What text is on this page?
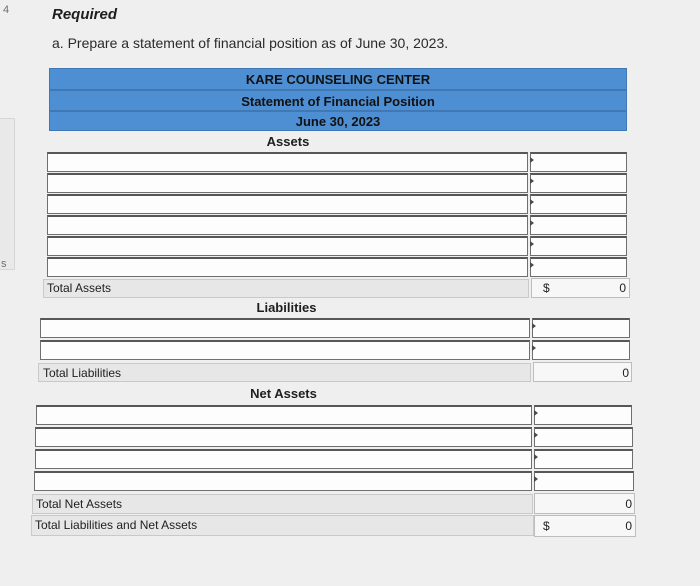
4
s
Required

a. Prepare a statement of financial position as of June 30, 2023.

KARE COUNSELING CENTER
Statement of Financial Position
June 30, 2023
Assets
Total Assets	$	0
Liabilities
Total Liabilities	0
Net Assets
Total Net Assets	0
Total Liabilities and Net Assets	$	0
